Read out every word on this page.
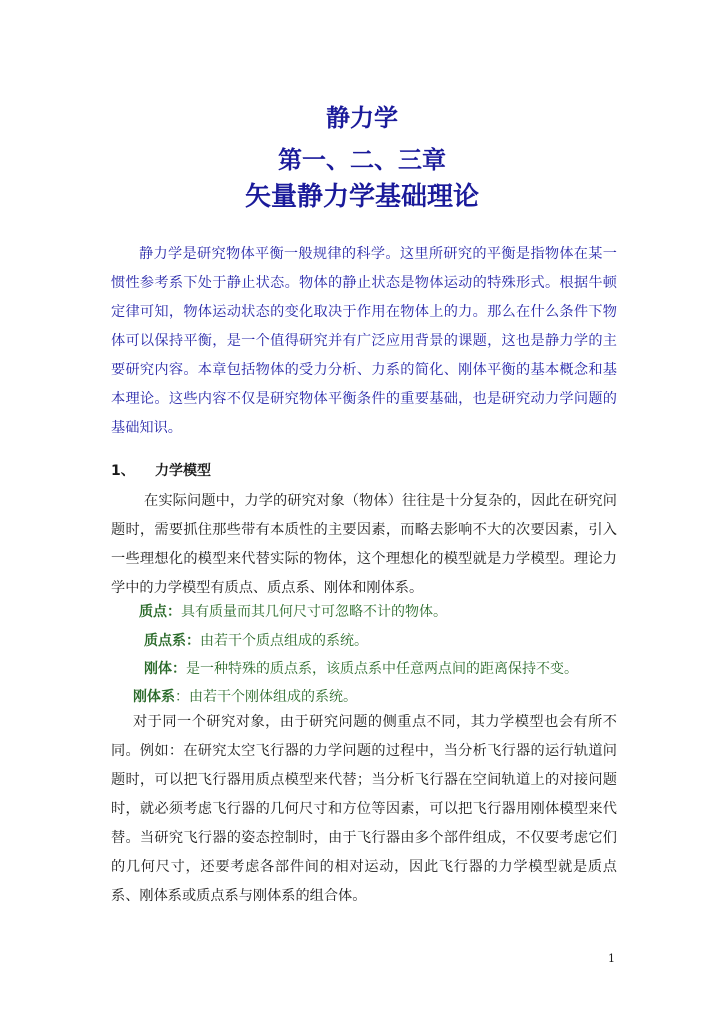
静力学
第一、二、三章
矢量静力学基础理论

静力学是研究物体平衡一般规律的科学。这里所研究的平衡是指物体在某一惯性参考系下处于静止状态。物体的静止状态是物体运动的特殊形式。根据牛顿定律可知，物体运动状态的变化取决于作用在物体上的力。那么在什么条件下物体可以保持平衡，是一个值得研究并有广泛应用背景的课题，这也是静力学的主要研究内容。本章包括物体的受力分析、力系的简化、刚体平衡的基本概念和基本理论。这些内容不仅是研究物体平衡条件的重要基础，也是研究动力学问题的基础知识。

1、 力学模型

在实际问题中，力学的研究对象（物体）往往是十分复杂的，因此在研究问题时，需要抓住那些带有本质性的主要因素，而略去影响不大的次要因素，引入一些理想化的模型来代替实际的物体，这个理想化的模型就是力学模型。理论力学中的力学模型有质点、质点系、刚体和刚体系。

质点：具有质量而其几何尺寸可忽略不计的物体。
质点系：由若干个质点组成的系统。
刚体：是一种特殊的质点系，该质点系中任意两点间的距离保持不变。
刚体系：由若干个刚体组成的系统。

对于同一个研究对象，由于研究问题的侧重点不同，其力学模型也会有所不同。例如：在研究太空飞行器的力学问题的过程中，当分析飞行器的运行轨道问题时，可以把飞行器用质点模型来代替；当分析飞行器在空间轨道上的对接问题时，就必须考虑飞行器的几何尺寸和方位等因素，可以把飞行器用刚体模型来代替。当研究飞行器的姿态控制时，由于飞行器由多个部件组成，不仅要考虑它们的几何尺寸，还要考虑各部件间的相对运动，因此飞行器的力学模型就是质点系、刚体系或质点系与刚体系的组合体。

1
